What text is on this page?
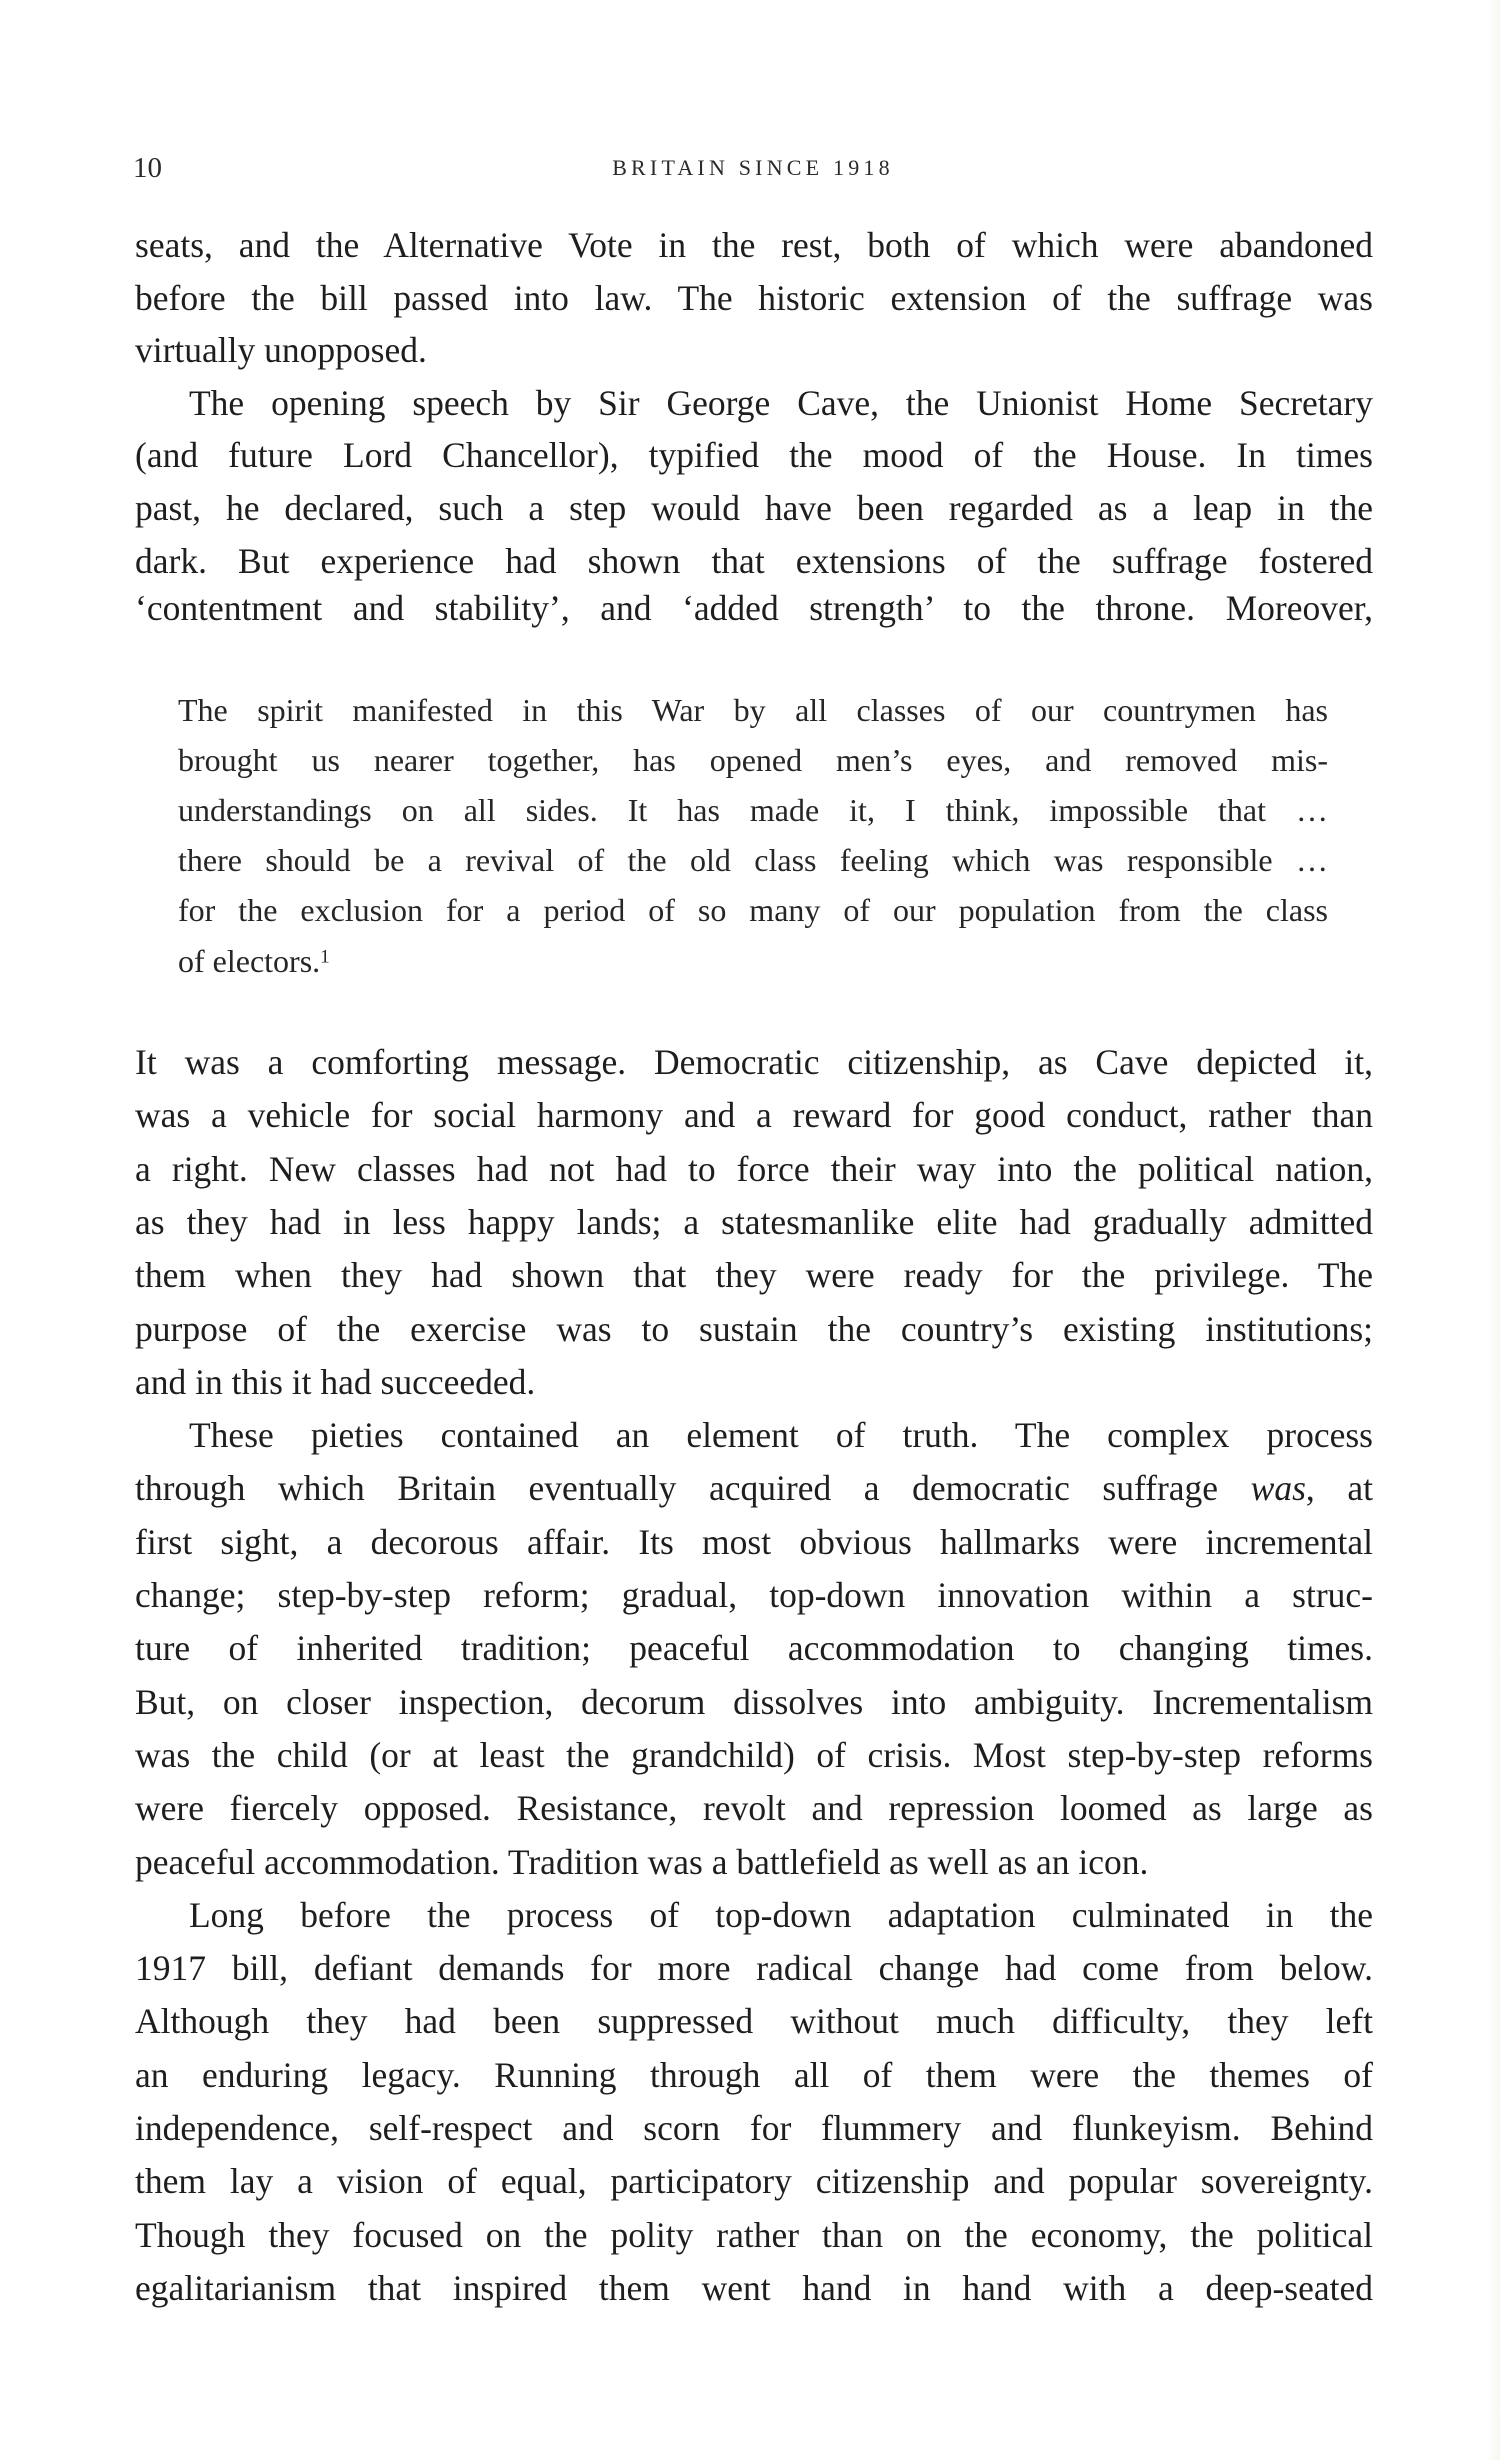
10	BRITAIN SINCE 1918
seats, and the Alternative Vote in the rest, both of which were abandoned
before the bill passed into law. The historic extension of the suffrage was
virtually unopposed.
The opening speech by Sir George Cave, the Unionist Home Secretary
(and future Lord Chancellor), typified the mood of the House. In times
past, he declared, such a step would have been regarded as a leap in the
dark. But experience had shown that extensions of the suffrage fostered
‘contentment and stability’, and ‘added strength’ to the throne. Moreover,
The spirit manifested in this War by all classes of our countrymen has
brought us nearer together, has opened men’s eyes, and removed mis-
understandings on all sides. It has made it, I think, impossible that …
there should be a revival of the old class feeling which was responsible …
for the exclusion for a period of so many of our population from the class
of electors.$^1$
It was a comforting message. Democratic citizenship, as Cave depicted it,
was a vehicle for social harmony and a reward for good conduct, rather than
a right. New classes had not had to force their way into the political nation,
as they had in less happy lands; a statesmanlike elite had gradually admitted
them when they had shown that they were ready for the privilege. The
purpose of the exercise was to sustain the country’s existing institutions;
and in this it had succeeded.
These pieties contained an element of truth. The complex process
through which Britain eventually acquired a democratic suffrage was, at
first sight, a decorous affair. Its most obvious hallmarks were incremental
change; step-by-step reform; gradual, top-down innovation within a struc-
ture of inherited tradition; peaceful accommodation to changing times.
But, on closer inspection, decorum dissolves into ambiguity. Incrementalism
was the child (or at least the grandchild) of crisis. Most step-by-step reforms
were fiercely opposed. Resistance, revolt and repression loomed as large as
peaceful accommodation. Tradition was a battlefield as well as an icon.
Long before the process of top-down adaptation culminated in the
1917 bill, defiant demands for more radical change had come from below.
Although they had been suppressed without much difficulty, they left
an enduring legacy. Running through all of them were the themes of
independence, self-respect and scorn for flummery and flunkeyism. Behind
them lay a vision of equal, participatory citizenship and popular sovereignty.
Though they focused on the polity rather than on the economy, the political
egalitarianism that inspired them went hand in hand with a deep-seated
